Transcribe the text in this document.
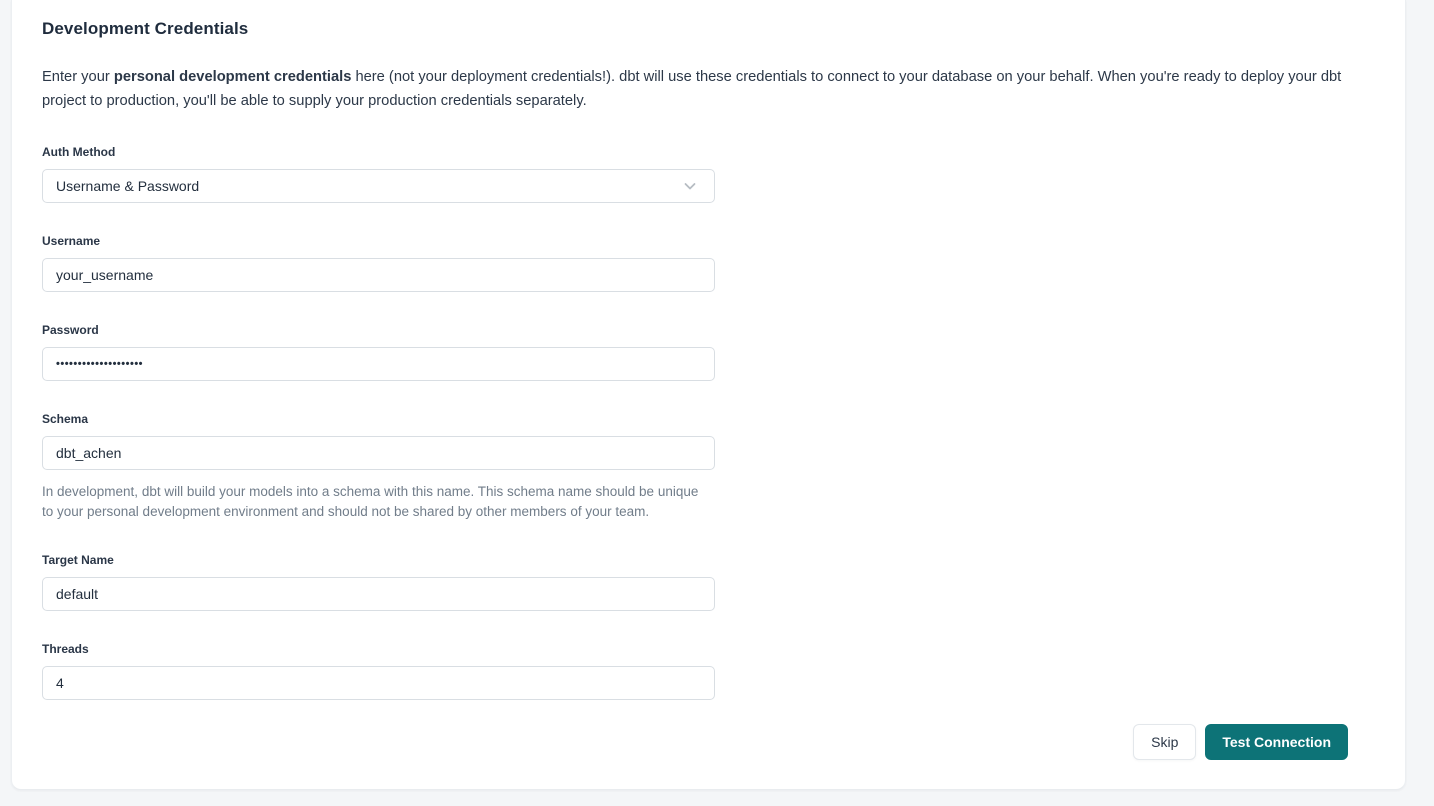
Development Credentials

Enter your personal development credentials here (not your deployment credentials!). dbt will use these credentials to connect to your database on your behalf. When you're ready to deploy your dbt project to production, you'll be able to supply your production credentials separately.

Auth Method
Username & Password
Username
your_username
Password
••••••••••••••••••••
Schema
dbt_achen

In development, dbt will build your models into a schema with this name. This schema name should be unique to your personal development environment and should not be shared by other members of your team.

Target Name
default
Threads
4
Skip	Test Connection
